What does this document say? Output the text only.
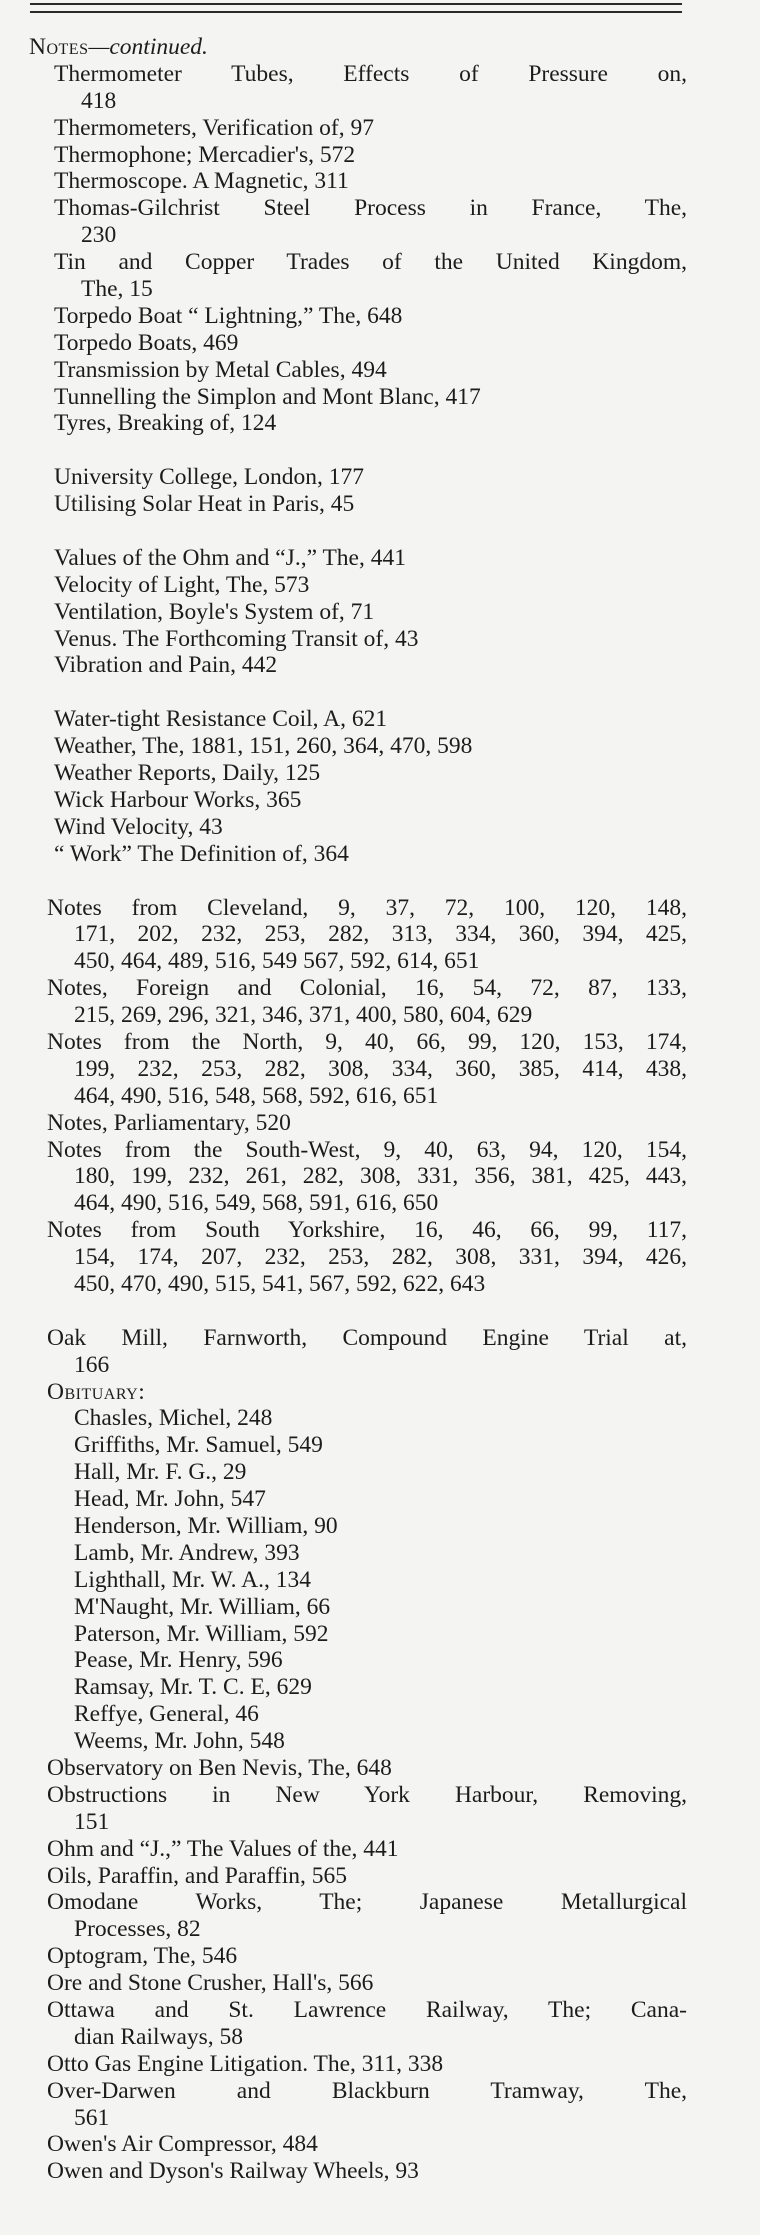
Notes—continued.
Thermometer Tubes, Effects of Pressure on,
418
Thermometers, Verification of, 97
Thermophone; Mercadier's, 572
Thermoscope. A Magnetic, 311
Thomas-Gilchrist Steel Process in France, The,
230
Tin and Copper Trades of the United Kingdom,
The, 15
Torpedo Boat “ Lightning,” The, 648
Torpedo Boats, 469
Transmission by Metal Cables, 494
Tunnelling the Simplon and Mont Blanc, 417
Tyres, Breaking of, 124
University College, London, 177
Utilising Solar Heat in Paris, 45
Values of the Ohm and “J.,” The, 441
Velocity of Light, The, 573
Ventilation, Boyle's System of, 71
Venus. The Forthcoming Transit of, 43
Vibration and Pain, 442
Water-tight Resistance Coil, A, 621
Weather, The, 1881, 151, 260, 364, 470, 598
Weather Reports, Daily, 125
Wick Harbour Works, 365
Wind Velocity, 43
“ Work” The Definition of, 364
Notes from Cleveland, 9, 37, 72, 100, 120, 148,
171, 202, 232, 253, 282, 313, 334, 360, 394, 425,
450, 464, 489, 516, 549 567, 592, 614, 651
Notes, Foreign and Colonial, 16, 54, 72, 87, 133,
215, 269, 296, 321, 346, 371, 400, 580, 604, 629
Notes from the North, 9, 40, 66, 99, 120, 153, 174,
199, 232, 253, 282, 308, 334, 360, 385, 414, 438,
464, 490, 516, 548, 568, 592, 616, 651
Notes, Parliamentary, 520
Notes from the South-West, 9, 40, 63, 94, 120, 154,
180, 199, 232, 261, 282, 308, 331, 356, 381, 425, 443,
464, 490, 516, 549, 568, 591, 616, 650
Notes from South Yorkshire, 16, 46, 66, 99, 117,
154, 174, 207, 232, 253, 282, 308, 331, 394, 426,
450, 470, 490, 515, 541, 567, 592, 622, 643
Oak Mill, Farnworth, Compound Engine Trial at,
166
Obituary:
Chasles, Michel, 248
Griffiths, Mr. Samuel, 549
Hall, Mr. F. G., 29
Head, Mr. John, 547
Henderson, Mr. William, 90
Lamb, Mr. Andrew, 393
Lighthall, Mr. W. A., 134
M'Naught, Mr. William, 66
Paterson, Mr. William, 592
Pease, Mr. Henry, 596
Ramsay, Mr. T. C. E, 629
Reffye, General, 46
Weems, Mr. John, 548
Observatory on Ben Nevis, The, 648
Obstructions in New York Harbour, Removing,
151
Ohm and “J.,” The Values of the, 441
Oils, Paraffin, and Paraffin, 565
Omodane Works, The; Japanese Metallurgical
Processes, 82
Optogram, The, 546
Ore and Stone Crusher, Hall's, 566
Ottawa and St. Lawrence Railway, The; Cana-
dian Railways, 58
Otto Gas Engine Litigation. The, 311, 338
Over-Darwen and Blackburn Tramway, The,
561
Owen's Air Compressor, 484
Owen and Dyson's Railway Wheels, 93
